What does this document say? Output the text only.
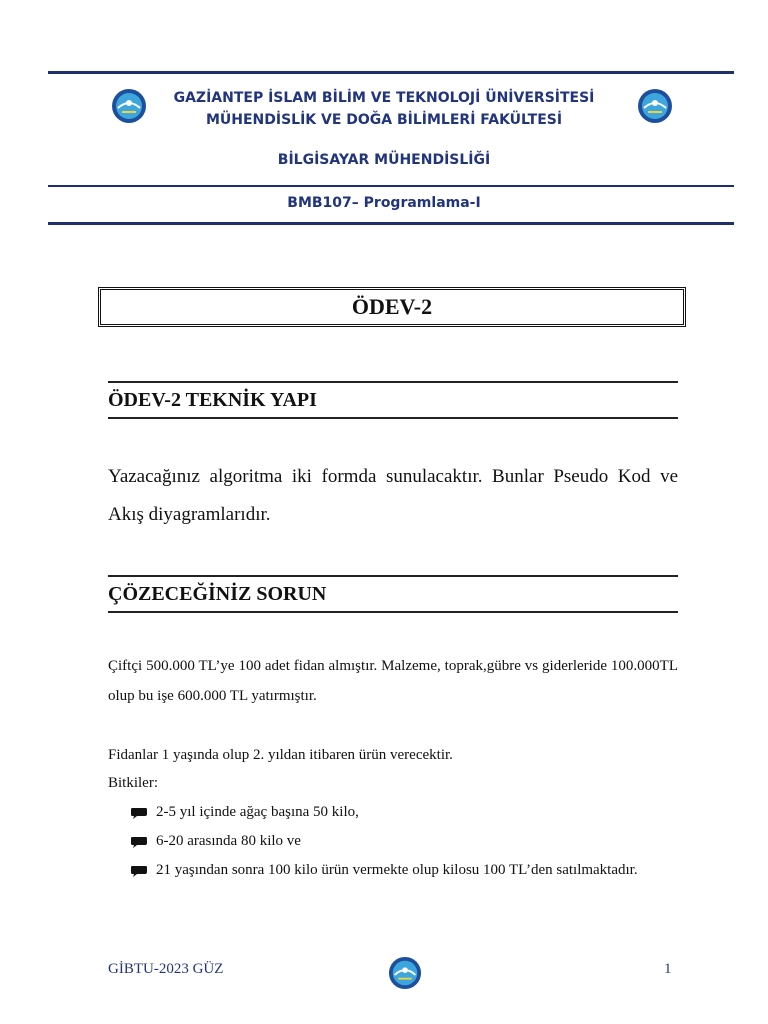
GAZİANTEP İSLAM BİLİM VE TEKNOLOJİ ÜNİVERSİTESİ
MÜHENDİSLİK VE DOĞA BİLİMLERİ FAKÜLTESİ
BİLGİSAYAR MÜHENDİSLİĞİ
BMB107– Programlama-I
ÖDEV-2
ÖDEV-2 TEKNİK YAPI
Yazacağınız algoritma iki formda sunulacaktır. Bunlar Pseudo Kod ve Akış diyagramlarıdır.
ÇÖZECEĞİNİZ SORUN
Çiftçi 500.000 TL’ye 100 adet fidan almıştır. Malzeme, toprak,gübre vs giderleride 100.000TL olup bu işe 600.000 TL yatırmıştır.
Fidanlar 1 yaşında olup 2. yıldan itibaren ürün verecektir.
Bitkiler:
2-5 yıl içinde ağaç başına 50 kilo,
6-20 arasında 80 kilo ve
21 yaşından sonra 100 kilo ürün vermekte olup kilosu 100 TL’den satılmaktadır.
GİBTU-2023 GÜZ	1
